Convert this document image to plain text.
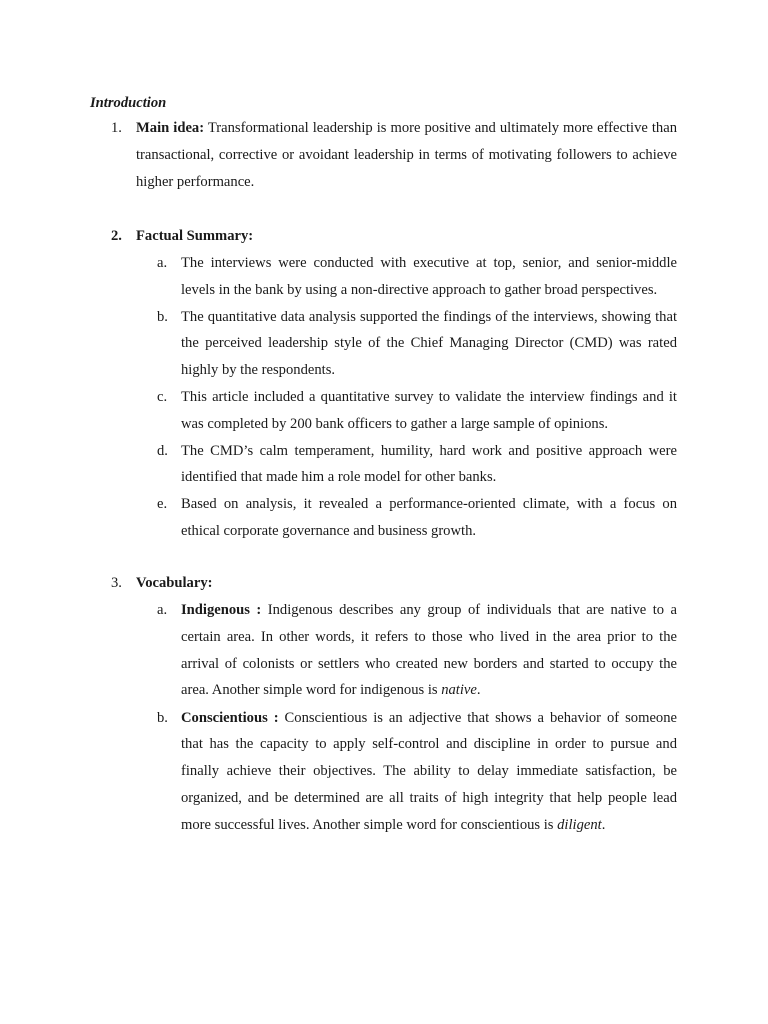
Introduction
1. Main idea: Transformational leadership is more positive and ultimately more effective than transactional, corrective or avoidant leadership in terms of motivating followers to achieve higher performance.
2. Factual Summary:
a. The interviews were conducted with executive at top, senior, and senior-middle levels in the bank by using a non-directive approach to gather broad perspectives.
b. The quantitative data analysis supported the findings of the interviews, showing that the perceived leadership style of the Chief Managing Director (CMD) was rated highly by the respondents.
c. This article included a quantitative survey to validate the interview findings and it was completed by 200 bank officers to gather a large sample of opinions.
d. The CMD’s calm temperament, humility, hard work and positive approach were identified that made him a role model for other banks.
e. Based on analysis, it revealed a performance-oriented climate, with a focus on ethical corporate governance and business growth.
3. Vocabulary:
a. Indigenous : Indigenous describes any group of individuals that are native to a certain area. In other words, it refers to those who lived in the area prior to the arrival of colonists or settlers who created new borders and started to occupy the area. Another simple word for indigenous is native.
b. Conscientious : Conscientious is an adjective that shows a behavior of someone that has the capacity to apply self-control and discipline in order to pursue and finally achieve their objectives. The ability to delay immediate satisfaction, be organized, and be determined are all traits of high integrity that help people lead more successful lives. Another simple word for conscientious is diligent.
